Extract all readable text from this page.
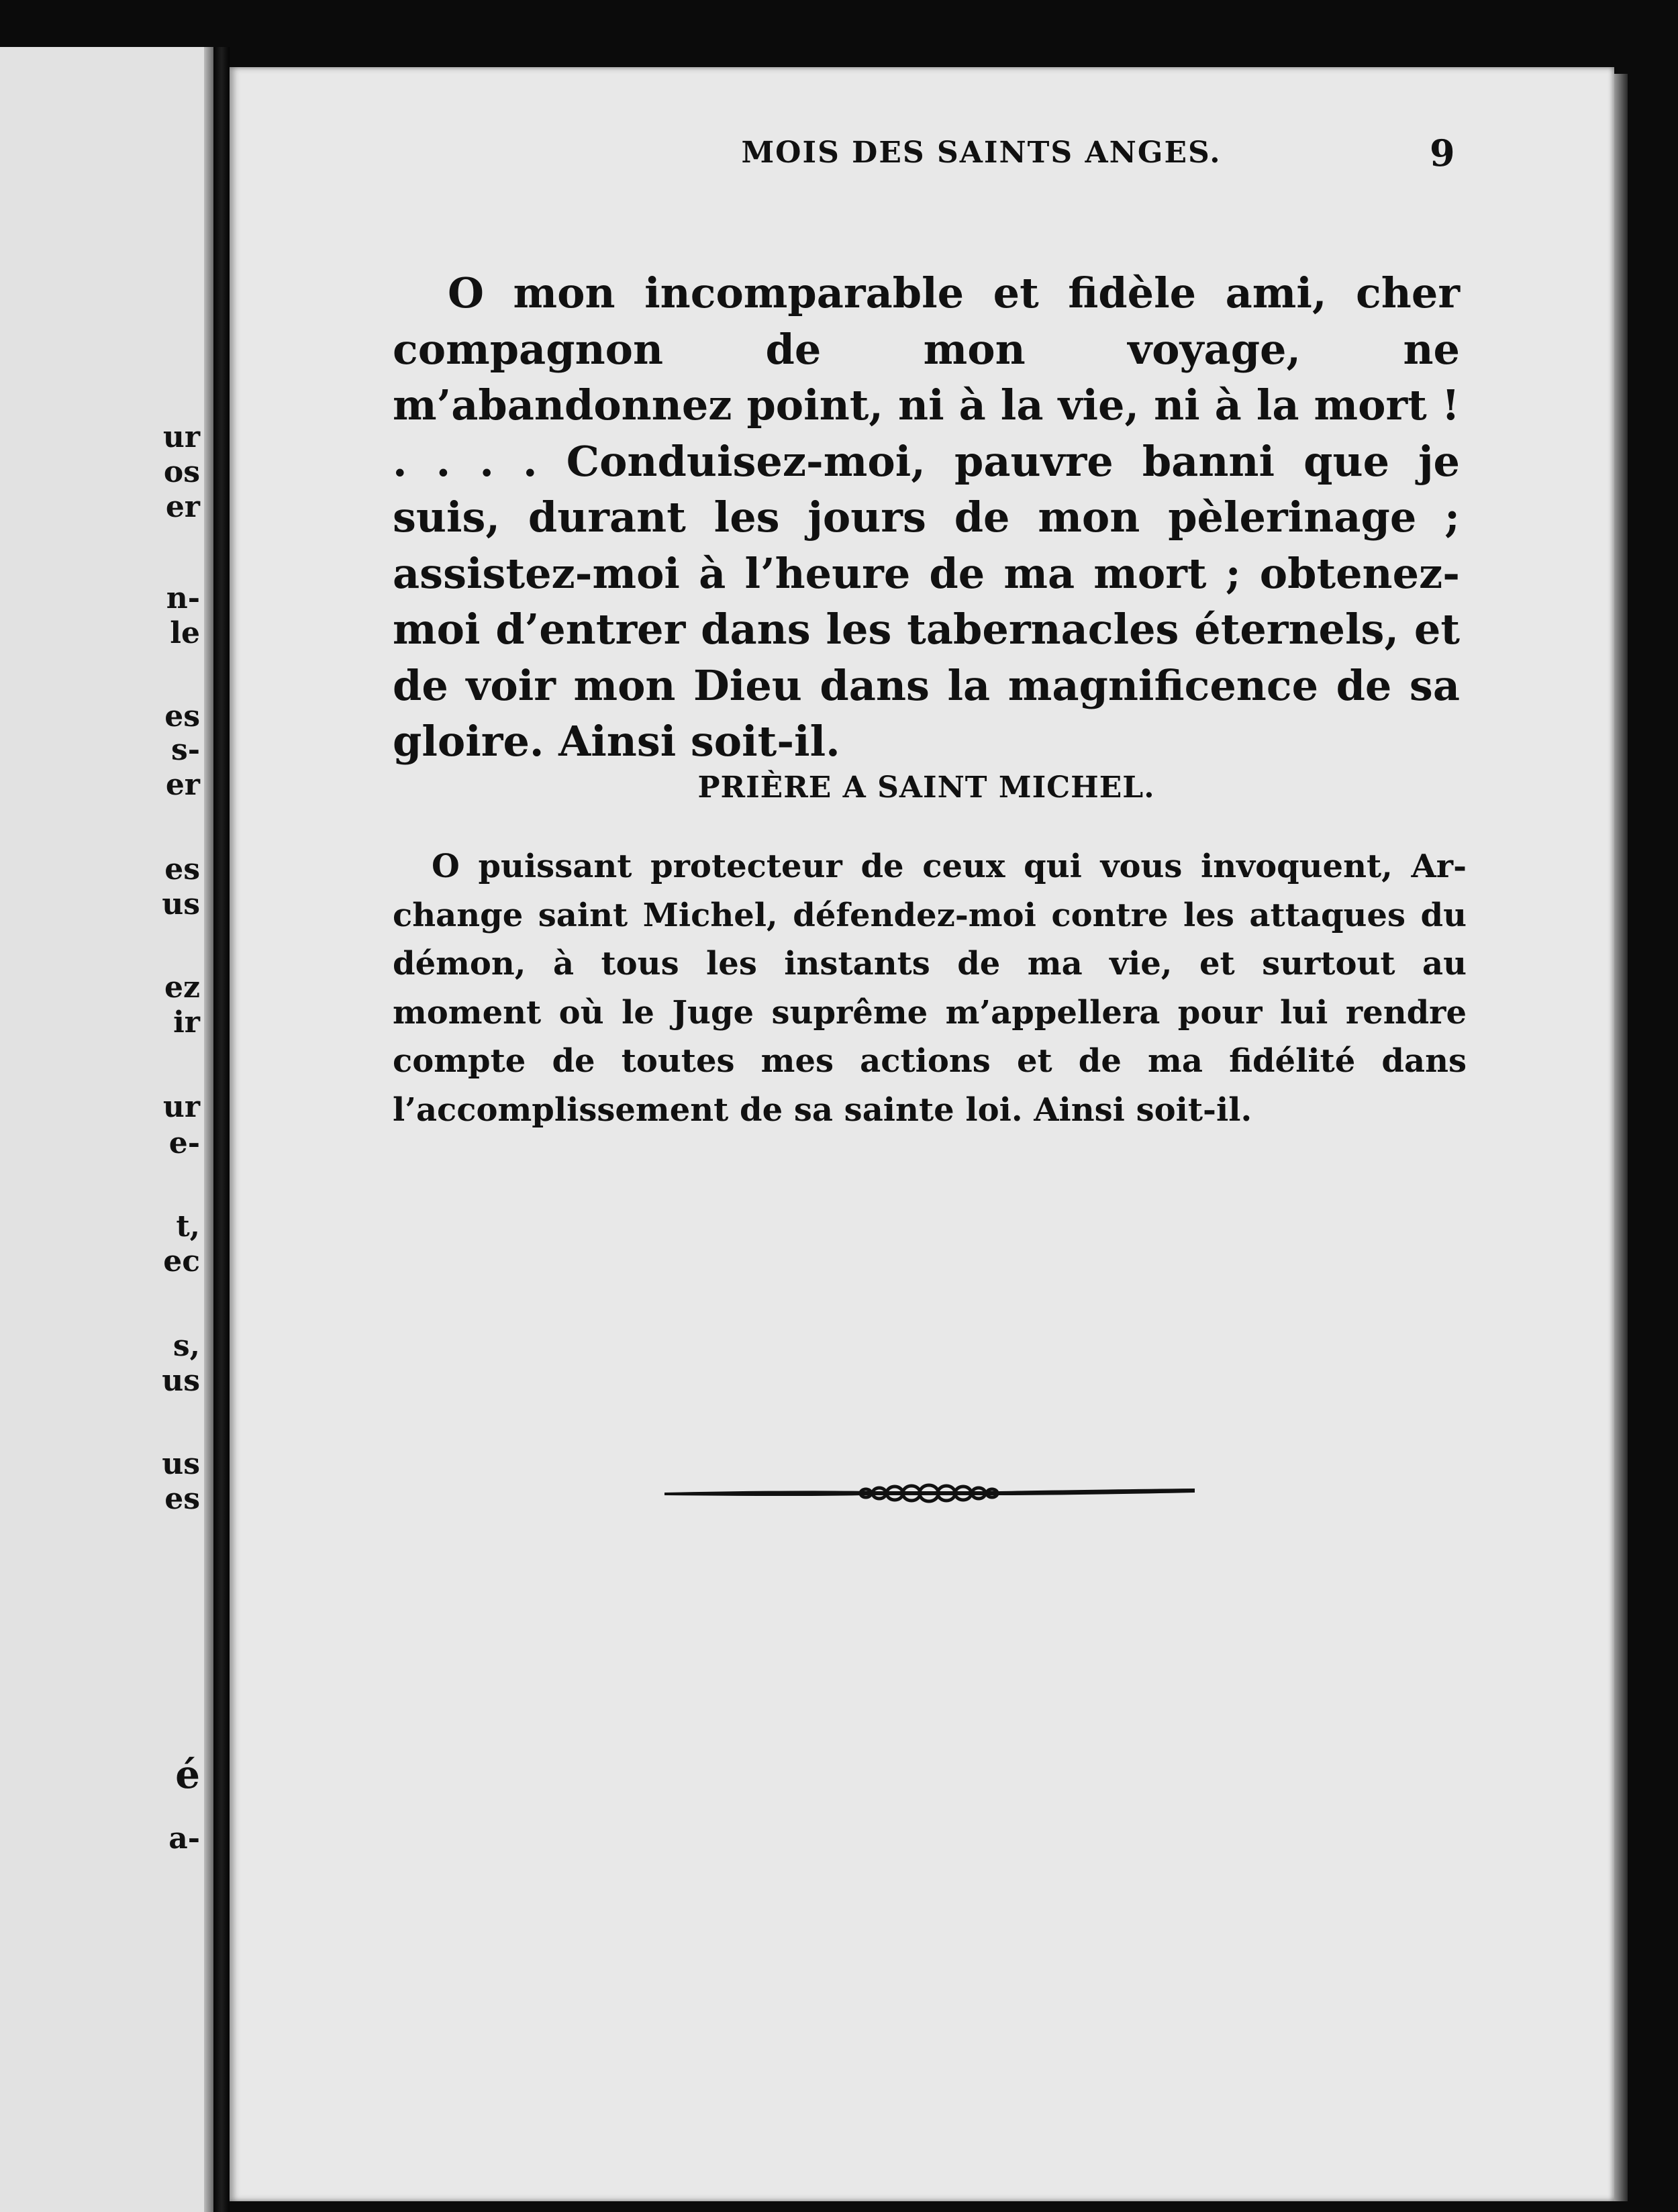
ur
os
er
n-
le
es
s-
er
es
us
ez
ir
ur
e-
t,
ec
s,
us
us
es
é
a-
MOIS DES SAINTS ANGES.	9
O mon incomparable et fidèle ami, cher compagnon de mon voyage, ne m’abandonnez point, ni à la vie, ni à la mort ! . . . . Conduisez-moi, pauvre banni que je suis, durant les jours de mon pèlerinage ; assistez-moi à l’heure de ma mort ; obtenez-moi d’entrer dans les tabernacles éternels, et de voir mon Dieu dans la magnificence de sa gloire. Ainsi soit-il.
PRIÈRE A SAINT MICHEL.
O puissant protecteur de ceux qui vous invoquent, Archange saint Michel, défendez-moi contre les attaques du démon, à tous les instants de ma vie, et surtout au moment où le Juge suprême m’appellera pour lui rendre compte de toutes mes actions et de ma fidélité dans l’accomplissement de sa sainte loi. Ainsi soit-il.
